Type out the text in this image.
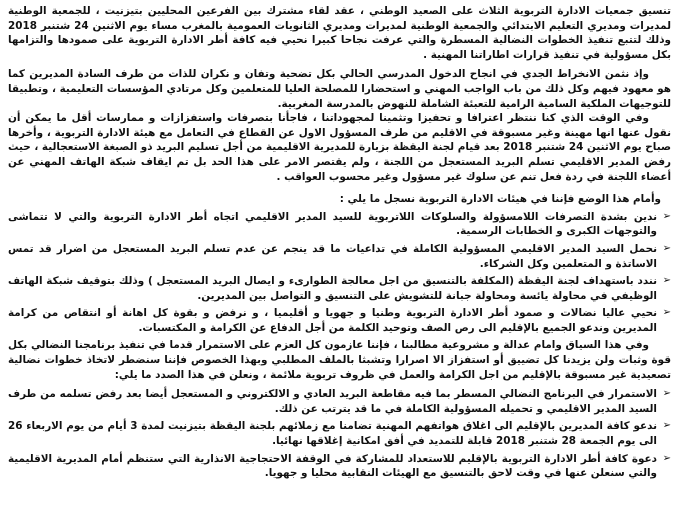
تنسيق جمعيات الادارة التربوية الثلاث على الصعيد الوطني ، عقد لقاء مشترك بين الفرعين المحليين بتيزنيت ، للجمعية الوطنية لمديرات ومديري التعليم الابتدائي والجمعية الوطنية لمديرات ومديري الثانويات العمومية بالمغرب مساء يوم الاثنين 24 شتنبر 2018 وذلك لتتبع تنفيذ الخطوات النضالية المسطرة والتي عرفت نجاحا كبيرا نحيي فيه كافة أطر الادارة التربوية على صمودها والتزامها بكل مسؤولية في تنفيذ قرارات اطاراتنا المهنية .

وإذ نثمن الانخراط الجدي في انجاح الدخول المدرسي الحالي بكل تضحية وتفان و نكران للذات من طرف السادة المديرين كما هو معهود فيهم وكل ذلك من باب الواجب المهني و استحضارا للمصلحة العليا للمتعلمين وكل مرتادي المؤسسات التعليمية ، وتطبيقا للتوجيهات الملكية السامية الرامية للتعبئة الشاملة للنهوض بالمدرسة المغربية.

وفي الوقت الذي كنا ننتظر اعترافا و تحفيزا وتثمينا لمجهوداتنا ، فاجأنا بتصرفات واستفزازات و ممارسات أقل ما يمكن أن نقول عنها انها مهينة وغير مسبوقة في الاقليم من طرف المسؤول الاول عن القطاع في التعامل مع هيئة الادارة التربوية ، وأخرها صباح يوم الاثنين 24 شتنبر 2018 بعد قيام لجنة اليقظة بزيارة للمديرية الاقليمية من أجل تسليم البريد ذو الصبغة الاستعجالية ، حيث رفض المدير الاقليمي تسلم البريد المستعجل من اللجنة ، ولم يقتصر الامر على هذا الحد بل تم ايقاف شبكة الهاتف المهني عن أعضاء اللجنة في ردة فعل تنم عن سلوك غير مسؤول وغير محسوب العواقب .

وأمام هذا الوضع فإننا في هيئات الادارة التربوية نسجل ما يلي :

➢ ندين بشدة التصرفات اللامسؤولة والسلوكات اللاتربوية للسيد المدير الاقليمي اتجاه أطر الادارة التربوية والتي لا تتماشى والتوجهات الكبرى و الخطابات الرسمية.
➢ نحمل السيد المدير الاقليمي المسؤولية الكاملة في تداعيات ما قد ينجم عن عدم تسلم البريد المستعجل من اضرار قد تمس الاساتذة و المتعلمين وكل الشركاء.
➢ نندد باستهداف لجنة اليقظة (المكلفة بالتنسيق من اجل معالجة الطوارىء و ايصال البريد المستعجل ) وذلك بتوقيف شبكة الهاتف الوظيفي في محاولة يائسة ومحاولة جبانة للتشويش على التنسيق و التواصل بين المديرين.
➢ نحيي عاليا نضالات و صمود أطر الادارة التربوية وطنيا و جهويا و أقليميا ، و نرفض و بقوة كل اهانة أو انتقاص من كرامة المديرين وندعو الجميع بالإقليم الى رص الصف وتوحيد الكلمة من أجل الدفاع عن الكرامة و المكتسبات.

وفي هذا السياق وامام عدالة و مشروعية مطالبنا ، فإننا عازمون كل العزم على الاستمرار قدما في تنفيذ برنامجنا النضالي بكل قوة وثبات ولن يزيدنا كل تضييق أو استفزاز الا اصرارا وتشبثا بالملف المطلبي وبهذا الخصوص فإننا سنضطر لاتخاذ خطوات نضالية تصعيدية غير مسبوقة بالإقليم من اجل الكرامة والعمل في ظروف تربوية ملائمة ، ونعلن في هذا الصدد ما يلي:

➢ الاستمرار في البرنامج النضالي المسطر بما فيه مقاطعة البريد العادي و الالكتروني و المستعجل أيضا بعد رفض تسلمه من طرف السيد المدير الاقليمي و تحميله المسؤولية الكاملة في ما قد يترتب عن ذلك.
➢ ندعو كافة المديرين بالإقليم الى اغلاق هواتفهم المهنية تضامنا مع زملائهم بلجنة اليقظة بتيزنيت لمدة 3 أيام من يوم الاربعاء 26 الى يوم الجمعة 28 شتنبر 2018 قابلة للتمديد في أفق امكانية إغلاقها نهائيا.
➢ دعوة كافة أطر الادارة التربوية بالإقليم للاستعداد للمشاركة في الوقفة الاحتجاجية الانذارية التي ستنظم أمام المديرية الاقليمية والتي سنعلن عنها في وقت لاحق بالتنسيق مع الهيئات النقابية محليا و جهويا.
